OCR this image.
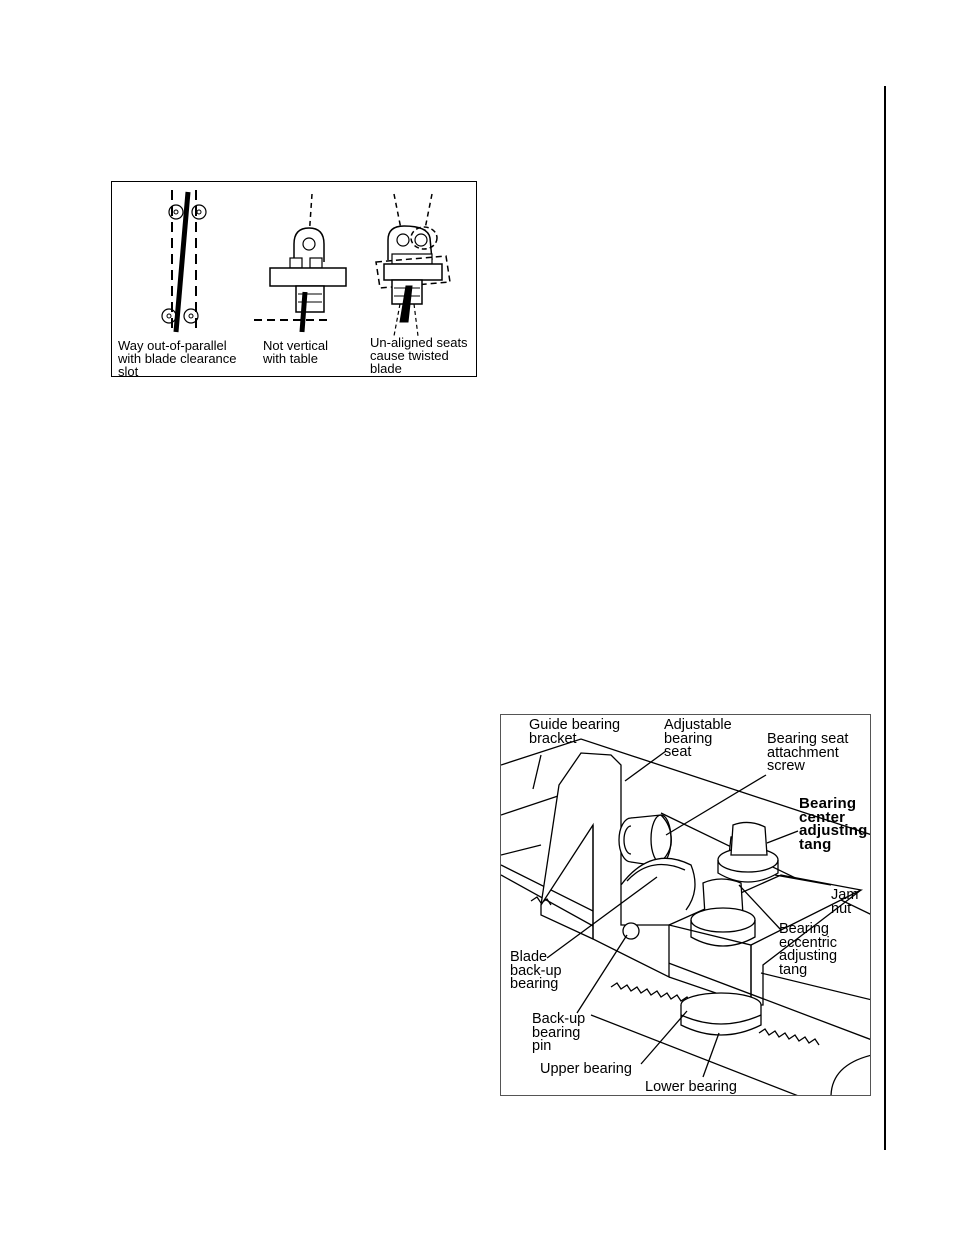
Way out-of-parallel
with blade clearance
slot
Not vertical
with table
Un-aligned seats
cause twisted
blade
Guide bearing
bracket
Adjustable
bearing
seat
Bearing seat
attachment
screw
Bearing
center
adjusting
tang
Jam
nut
Bearing
eccentric
adjusting
tang
Blade
back-up
bearing
Back-up
bearing
pin
Upper bearing
Lower bearing
